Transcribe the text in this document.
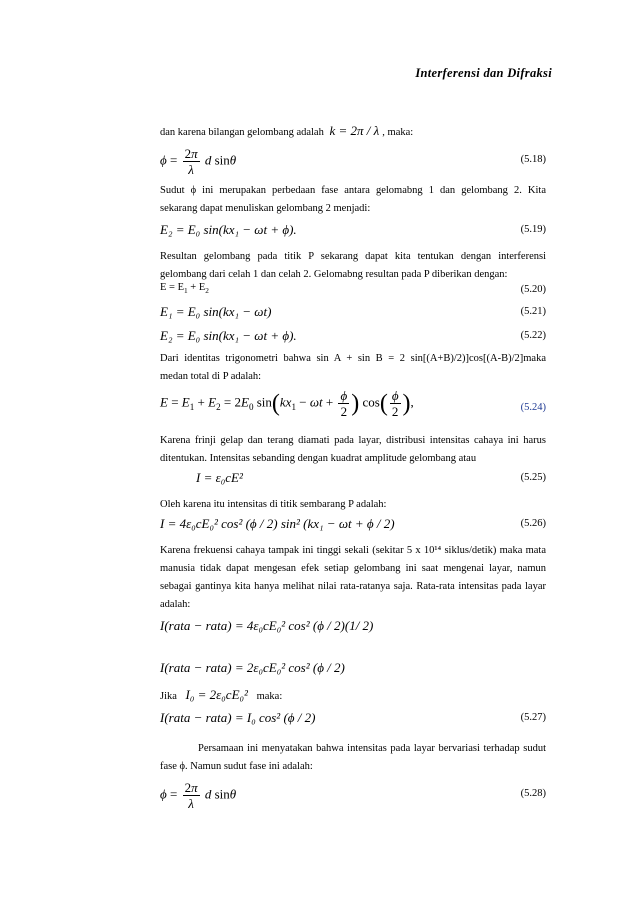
Interferensi dan Difraksi
dan karena bilangan gelombang adalah k = 2π / λ , maka:
$\phi = \frac{2\pi}{\lambda}$ d sinθ	(5.18)
Sudut ϕ ini merupakan perbedaan fase antara gelomabng 1 dan gelombang 2. Kita
sekarang dapat menuliskan gelombang 2 menjadi:
E₂ = E₀ sin(kx₁ − ωt + ϕ).	(5.19)
Resultan gelombang pada titik P sekarang dapat kita tentukan dengan interferensi
gelombang dari celah 1 dan celah 2. Gelomabng resultan pada P diberikan dengan:
$E = E_1 + E_2$	(5.20)
E₁ = E₀ sin(kx₁ − ωt)	(5.21)
E₂ = E₀ sin(kx₁ − ωt + ϕ).	(5.22)
Dari identitas trigonometri bahwa sin A + sin B = 2 sin[(A+B)/2)]cos[(A-B)/2]maka
medan total di P adalah:
$E = E_1 + E_2 = 2E_0$ $\sin(kx_1 - \omega t + \frac{\phi}{2}$ ) $\cos( \frac{\phi}{2}$ ),	(5.24)
Karena frinji gelap dan terang diamati pada layar, distribusi intensitas cahaya ini harus
ditentukan. Intensitas sebanding dengan kuadrat amplitude gelombang atau
I = ε₀cE²	(5.25)
Oleh karena itu intensitas di titik sembarang P adalah:
I = 4ε₀cE₀² cos² (ϕ / 2) sin² (kx₁ − ωt + ϕ / 2)	(5.26)
Karena frekuensi cahaya tampak ini tinggi sekali (sekitar 5 x 10¹⁴ siklus/detik) maka mata
manusia tidak dapat mengesan efek setiap gelombang ini saat mengenai layar, namun
sebagai gantinya kita hanya melihat nilai rata-ratanya saja. Rata-rata intensitas pada layar
adalah:
I(rata − rata) = 4ε₀cE₀² cos² (ϕ / 2)(1/ 2)
I(rata − rata) = 2ε₀cE₀² cos² (ϕ / 2)
Jika I₀ = 2ε₀cE₀² maka:
I(rata − rata) = I₀ cos² (ϕ / 2)	(5.27)
Persamaan ini menyatakan bahwa intensitas pada layar bervariasi terhadap sudut
fase ϕ. Namun sudut fase ini adalah:
$\phi = \frac{2\pi}{\lambda}$ d sinθ	(5.28)
